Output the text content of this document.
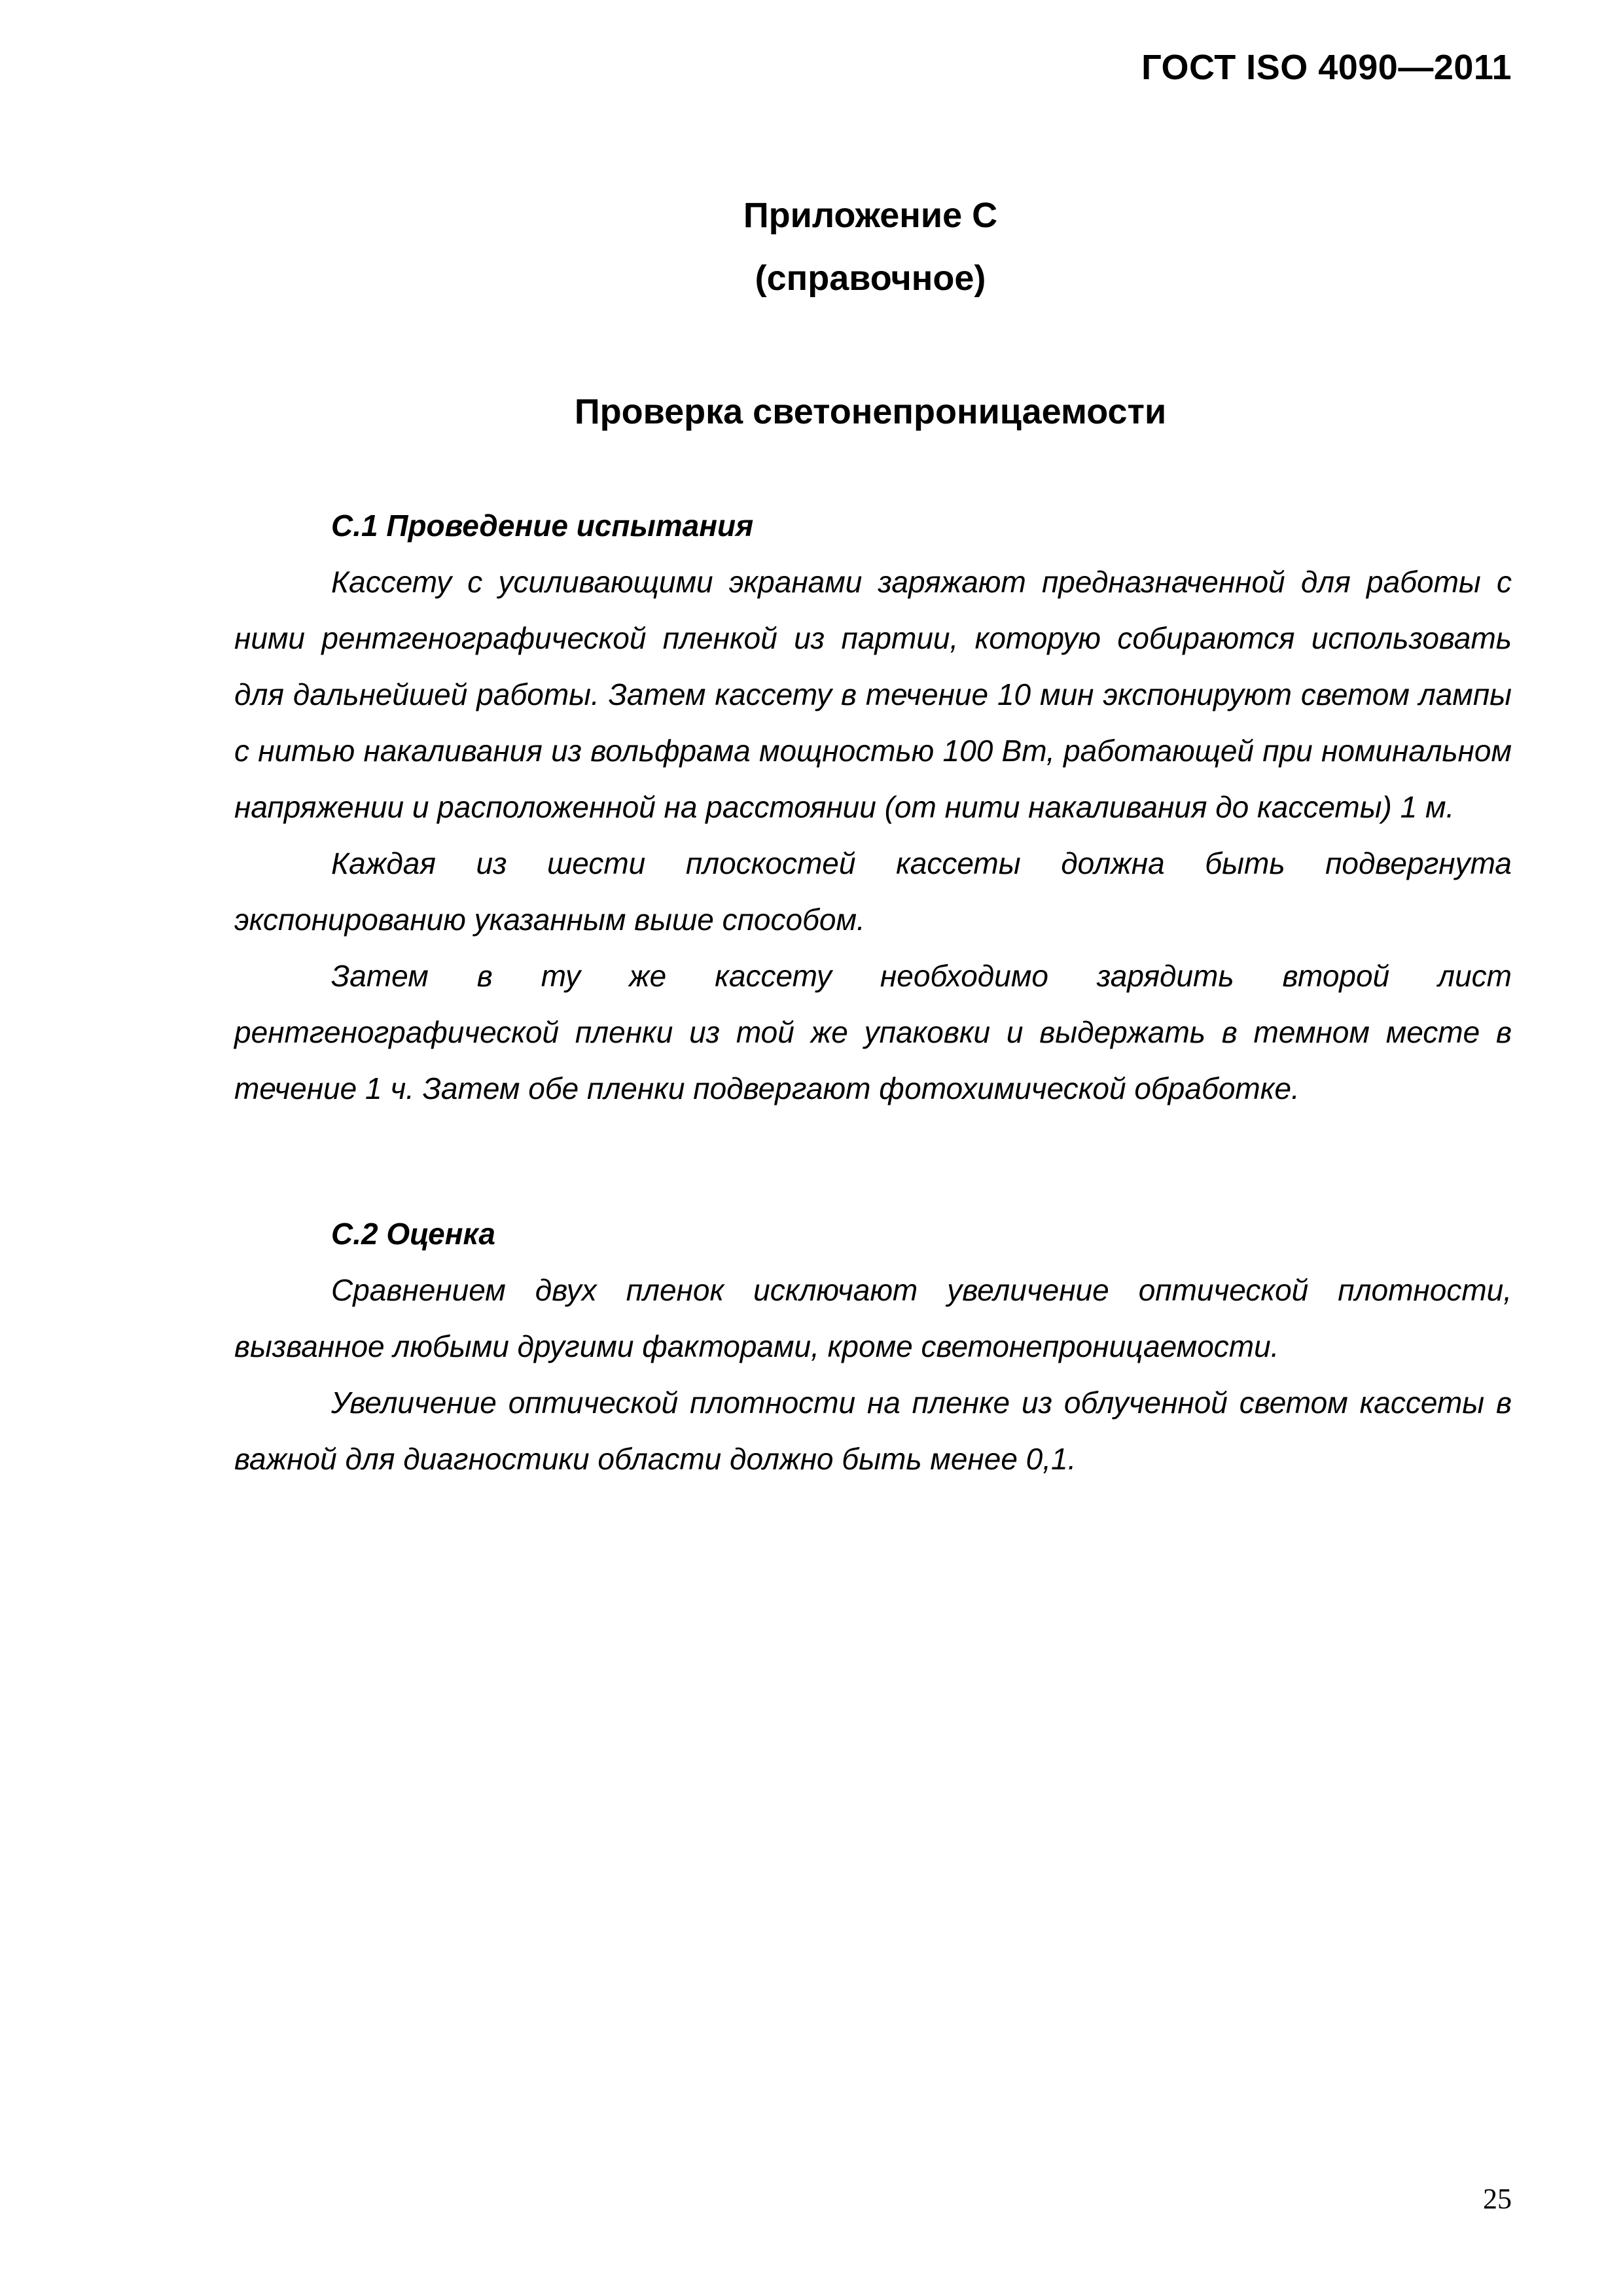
ГОСТ ISO 4090—2011
Приложение С
(справочное)
Проверка светонепроницаемости

С.1 Проведение испытания

Кассету с усиливающими экранами заряжают предназначенной для работы с ними рентгенографической пленкой из партии, которую собираются использовать для дальнейшей работы. Затем кассету в течение 10 мин экспонируют светом лампы с нитью накаливания из вольфрама мощностью 100 Вт, работающей при номинальном напряжении и расположенной на расстоянии (от нити накаливания до кассеты) 1 м.

Каждая из шести плоскостей кассеты должна быть подвергнута экспонированию указанным выше способом.

Затем в ту же кассету необходимо зарядить второй лист рентгенографической пленки из той же упаковки и выдержать в темном месте в течение 1 ч. Затем обе пленки подвергают фотохимической обработке.

С.2 Оценка

Сравнением двух пленок исключают увеличение оптической плотности, вызванное любыми другими факторами, кроме светонепроницаемости.

Увеличение оптической плотности на пленке из облученной светом кассеты в важной для диагностики области должно быть менее 0,1.

25
